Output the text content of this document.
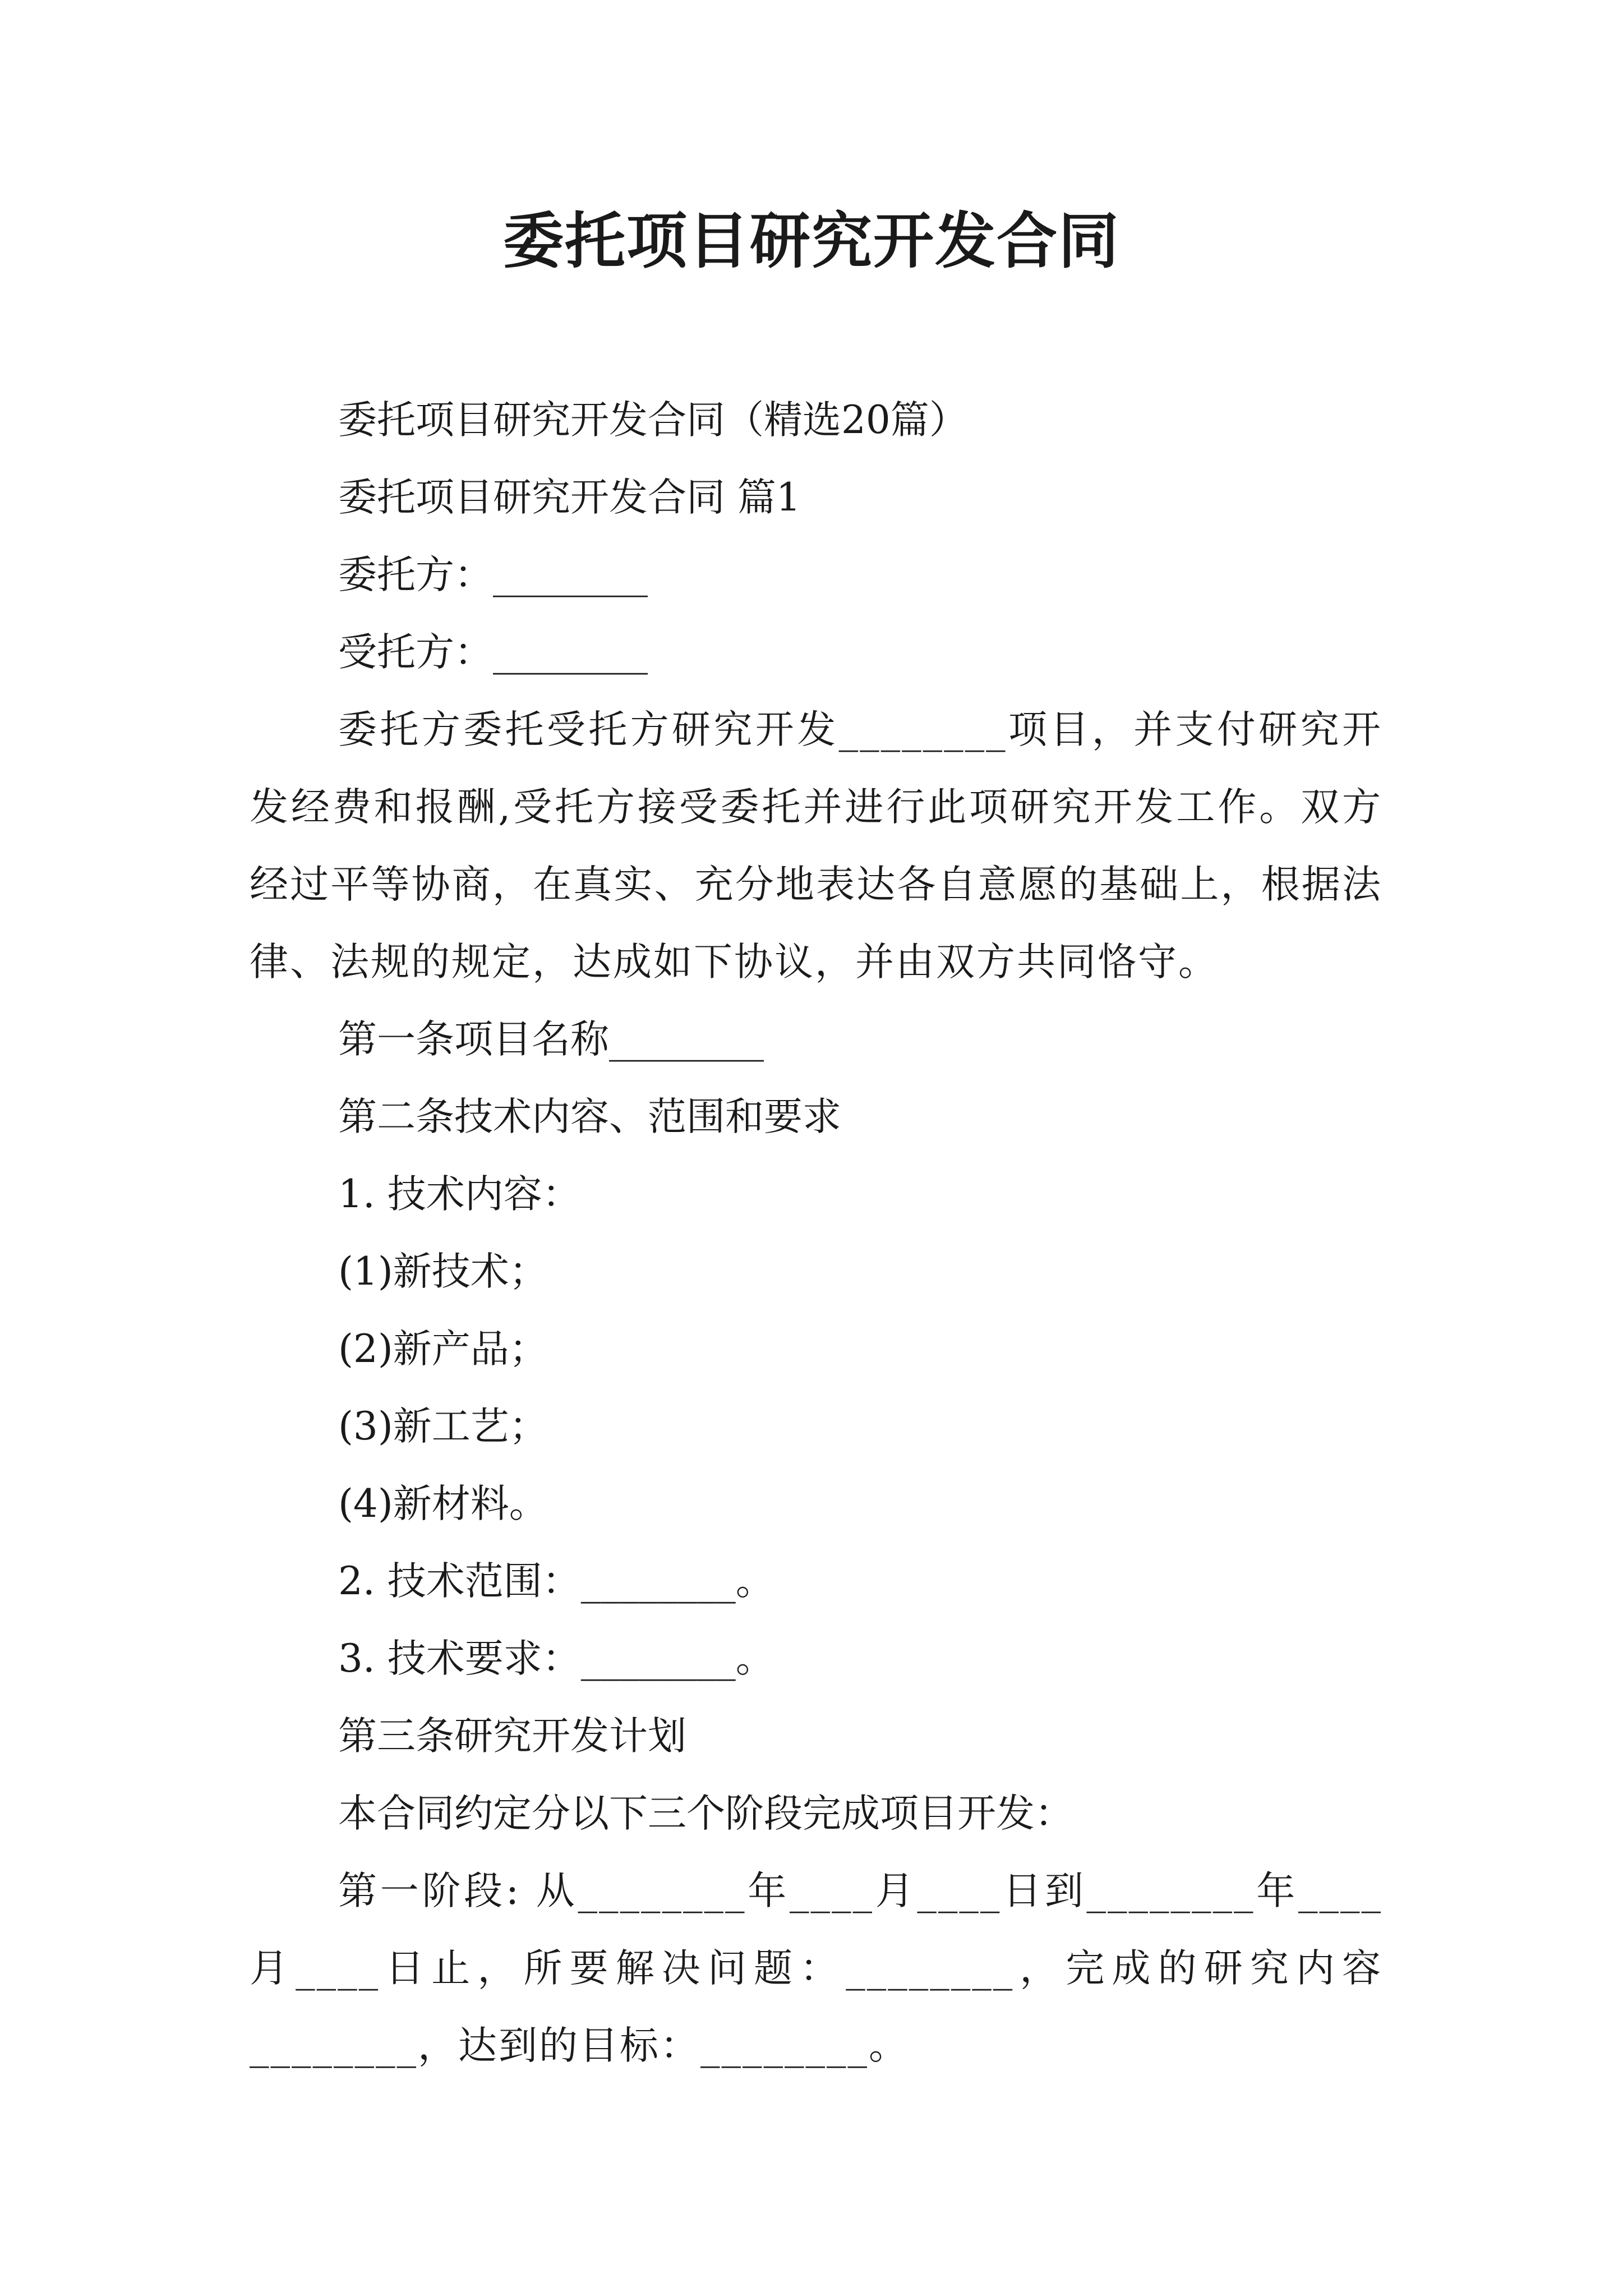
委托项目研究开发合同

委托项目研究开发合同（精选20篇）

委托项目研究开发合同 篇1

委托方：________

受托方：________

委托方委托受托方研究开发________项目，并支付研究开发经费和报酬,受托方接受委托并进行此项研究开发工作。双方经过平等协商，在真实、充分地表达各自意愿的基础上，根据法律、法规的规定，达成如下协议，并由双方共同恪守。

第一条项目名称________

第二条技术内容、范围和要求

1. 技术内容：

(1)新技术；

(2)新产品；

(3)新工艺；

(4)新材料。

2. 技术范围：________。

3. 技术要求：________。

第三条研究开发计划

本合同约定分以下三个阶段完成项目开发：

第一阶段: 从________年____月____日到________年____月____日止，所要解决问题：________，完成的研究内容________，达到的目标：________。
